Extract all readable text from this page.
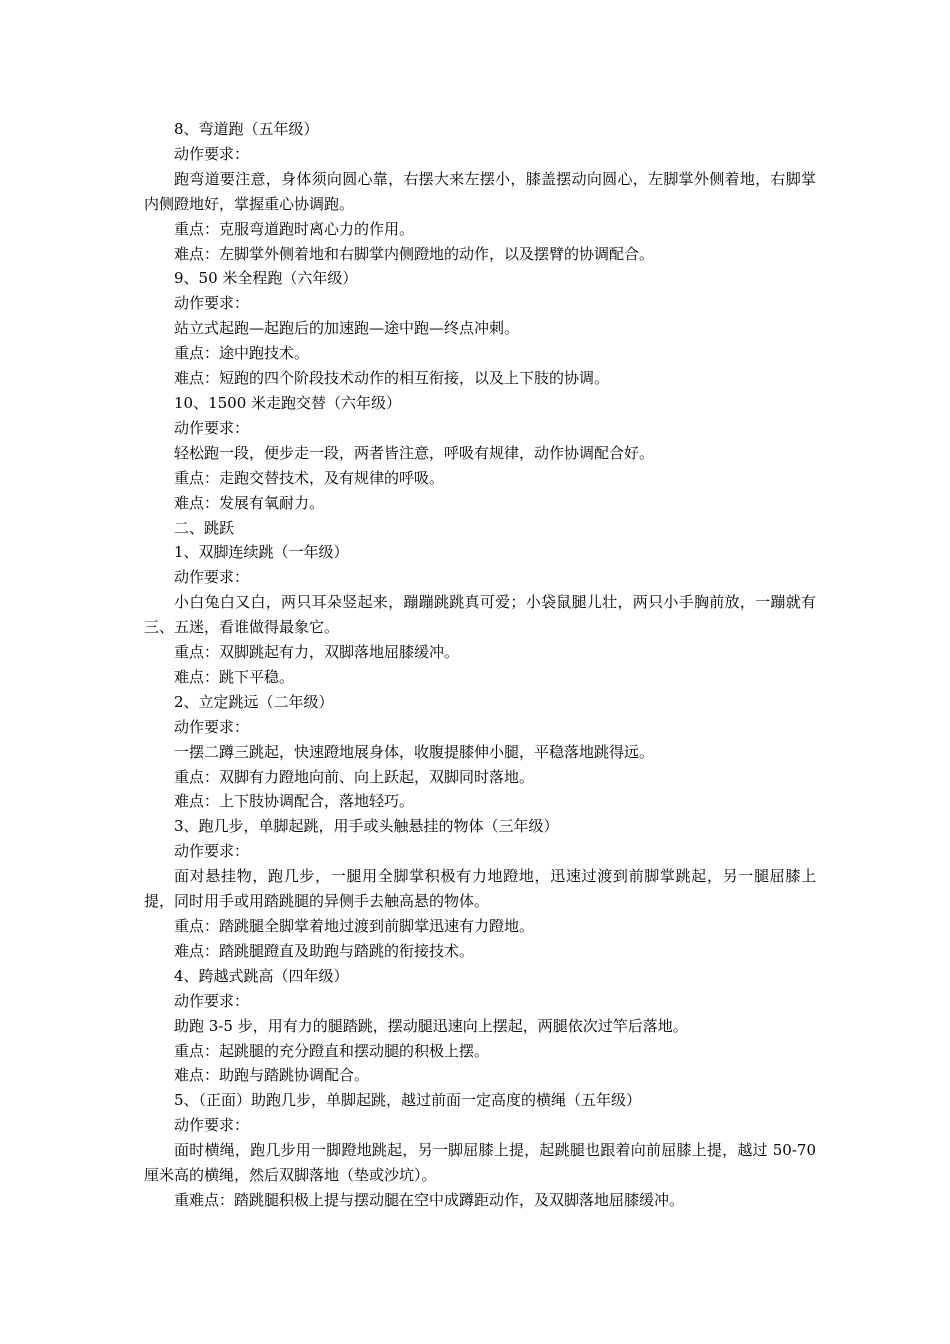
8、弯道跑（五年级）

动作要求：

跑弯道要注意，身体须向圆心靠，右摆大来左摆小，膝盖摆动向圆心，左脚掌外侧着地，右脚掌内侧蹬地好，掌握重心协调跑。

重点：克服弯道跑时离心力的作用。

难点：左脚掌外侧着地和右脚掌内侧蹬地的动作，以及摆臂的协调配合。

9、50 米全程跑（六年级）

动作要求：

站立式起跑—起跑后的加速跑—途中跑—终点冲刺。

重点：途中跑技术。

难点：短跑的四个阶段技术动作的相互衔接，以及上下肢的协调。

10、1500 米走跑交替（六年级）

动作要求：

轻松跑一段，便步走一段，两者皆注意，呼吸有规律，动作协调配合好。

重点：走跑交替技术，及有规律的呼吸。

难点：发展有氧耐力。

二、跳跃

1、双脚连续跳（一年级）

动作要求：

小白兔白又白，两只耳朵竖起来，蹦蹦跳跳真可爱；小袋鼠腿儿壮，两只小手胸前放，一蹦就有三、五迷，看谁做得最象它。

重点：双脚跳起有力，双脚落地屈膝缓冲。

难点：跳下平稳。

2、立定跳远（二年级）

动作要求：

一摆二蹲三跳起，快速蹬地展身体，收腹提膝伸小腿，平稳落地跳得远。

重点：双脚有力蹬地向前、向上跃起，双脚同时落地。

难点：上下肢协调配合，落地轻巧。

3、跑几步，单脚起跳，用手或头触悬挂的物体（三年级）

动作要求：

面对悬挂物，跑几步，一腿用全脚掌积极有力地蹬地，迅速过渡到前脚掌跳起，另一腿屈膝上提，同时用手或用踏跳腿的异侧手去触高悬的物体。

重点：踏跳腿全脚掌着地过渡到前脚掌迅速有力蹬地。

难点：踏跳腿蹬直及助跑与踏跳的衔接技术。

4、跨越式跳高（四年级）

动作要求：

助跑 3-5 步，用有力的腿踏跳，摆动腿迅速向上摆起，两腿依次过竿后落地。

重点：起跳腿的充分蹬直和摆动腿的积极上摆。

难点：助跑与踏跳协调配合。

5、（正面）助跑几步，单脚起跳，越过前面一定高度的横绳（五年级）

动作要求：

面时横绳，跑几步用一脚蹬地跳起，另一脚屈膝上提，起跳腿也跟着向前屈膝上提，越过 50-70 厘米高的横绳，然后双脚落地（垫或沙坑）。

重难点：踏跳腿积极上提与摆动腿在空中成蹲距动作，及双脚落地屈膝缓冲。
